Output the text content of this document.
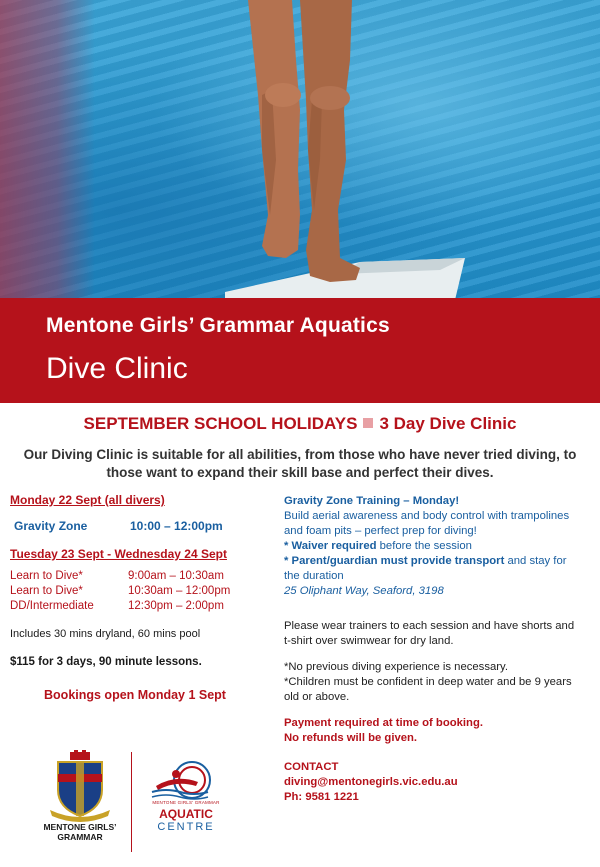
Mentone Girls’ Grammar Aquatics
Dive Clinic
SEPTEMBER SCHOOL HOLIDAYS 3 Day Dive Clinic
Our Diving Clinic is suitable for all abilities, from those who have never tried diving, to those want to expand their skill base and perfect their dives.
Monday 22 Sept (all divers)
Gravity Zone	10:00 – 12:00pm
Tuesday 23 Sept - Wednesday 24 Sept
Learn to Dive*	9:00am – 10:30am
Learn to Dive*	10:30am – 12:00pm
DD/Intermediate	12:30pm – 2:00pm
Includes 30 mins dryland, 60 mins pool
$115 for 3 days, 90 minute lessons.
Bookings open Monday 1 Sept
Gravity Zone Training – Monday!
Build aerial awareness and body control with trampolines and foam pits – perfect prep for diving!
* Waiver required before the session
* Parent/guardian must provide transport and stay for the duration
25 Oliphant Way, Seaford, 3198
Please wear trainers to each session and have shorts and t-shirt over swimwear for dry land.
*No previous diving experience is necessary.
*Children must be confident in deep water and be 9 years old or above.
Payment required at time of booking.
No refunds will be given.
CONTACT
diving@mentonegirls.vic.edu.au
Ph: 9581 1221
MENTONE GIRLS’
GRAMMAR
MENTONE GIRLS' GRAMMAR
AQUATIC
CENTRE
